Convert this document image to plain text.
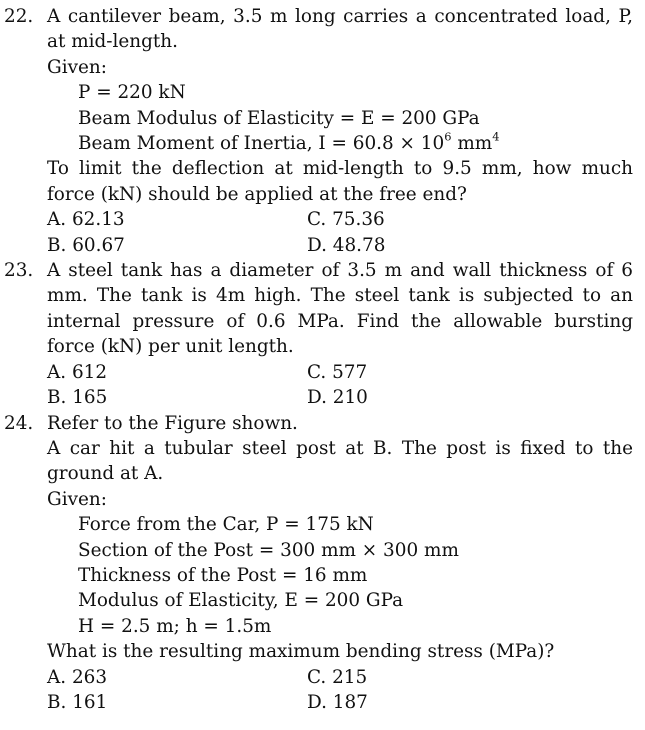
22. A cantilever beam, 3.5 m long carries a concentrated load, P, at mid-length.
Given:
P = 220 kN
Beam Modulus of Elasticity = E = 200 GPa
Beam Moment of Inertia, $I = 60.8 \times 10^6$ $mm^4$
To limit the deflection at mid-length to 9.5 mm, how much force (kN) should be applied at the free end?
A. 62.13	C. 75.36
B. 60.67	D. 48.78
23. A steel tank has a diameter of 3.5 m and wall thickness of 6 mm. The tank is 4m high. The steel tank is subjected to an internal pressure of 0.6 MPa. Find the allowable bursting force (kN) per unit length.
A. 612	C. 577
B. 165	D. 210
24. Refer to the Figure shown.
A car hit a tubular steel post at B. The post is fixed to the ground at A.
Given:
Force from the Car, P = 175 kN
Section of the Post = 300 mm × 300 mm
Thickness of the Post = 16 mm
Modulus of Elasticity, E = 200 GPa
H = 2.5 m; h = 1.5m
What is the resulting maximum bending stress (MPa)?
A. 263	C. 215
B. 161	D. 187
